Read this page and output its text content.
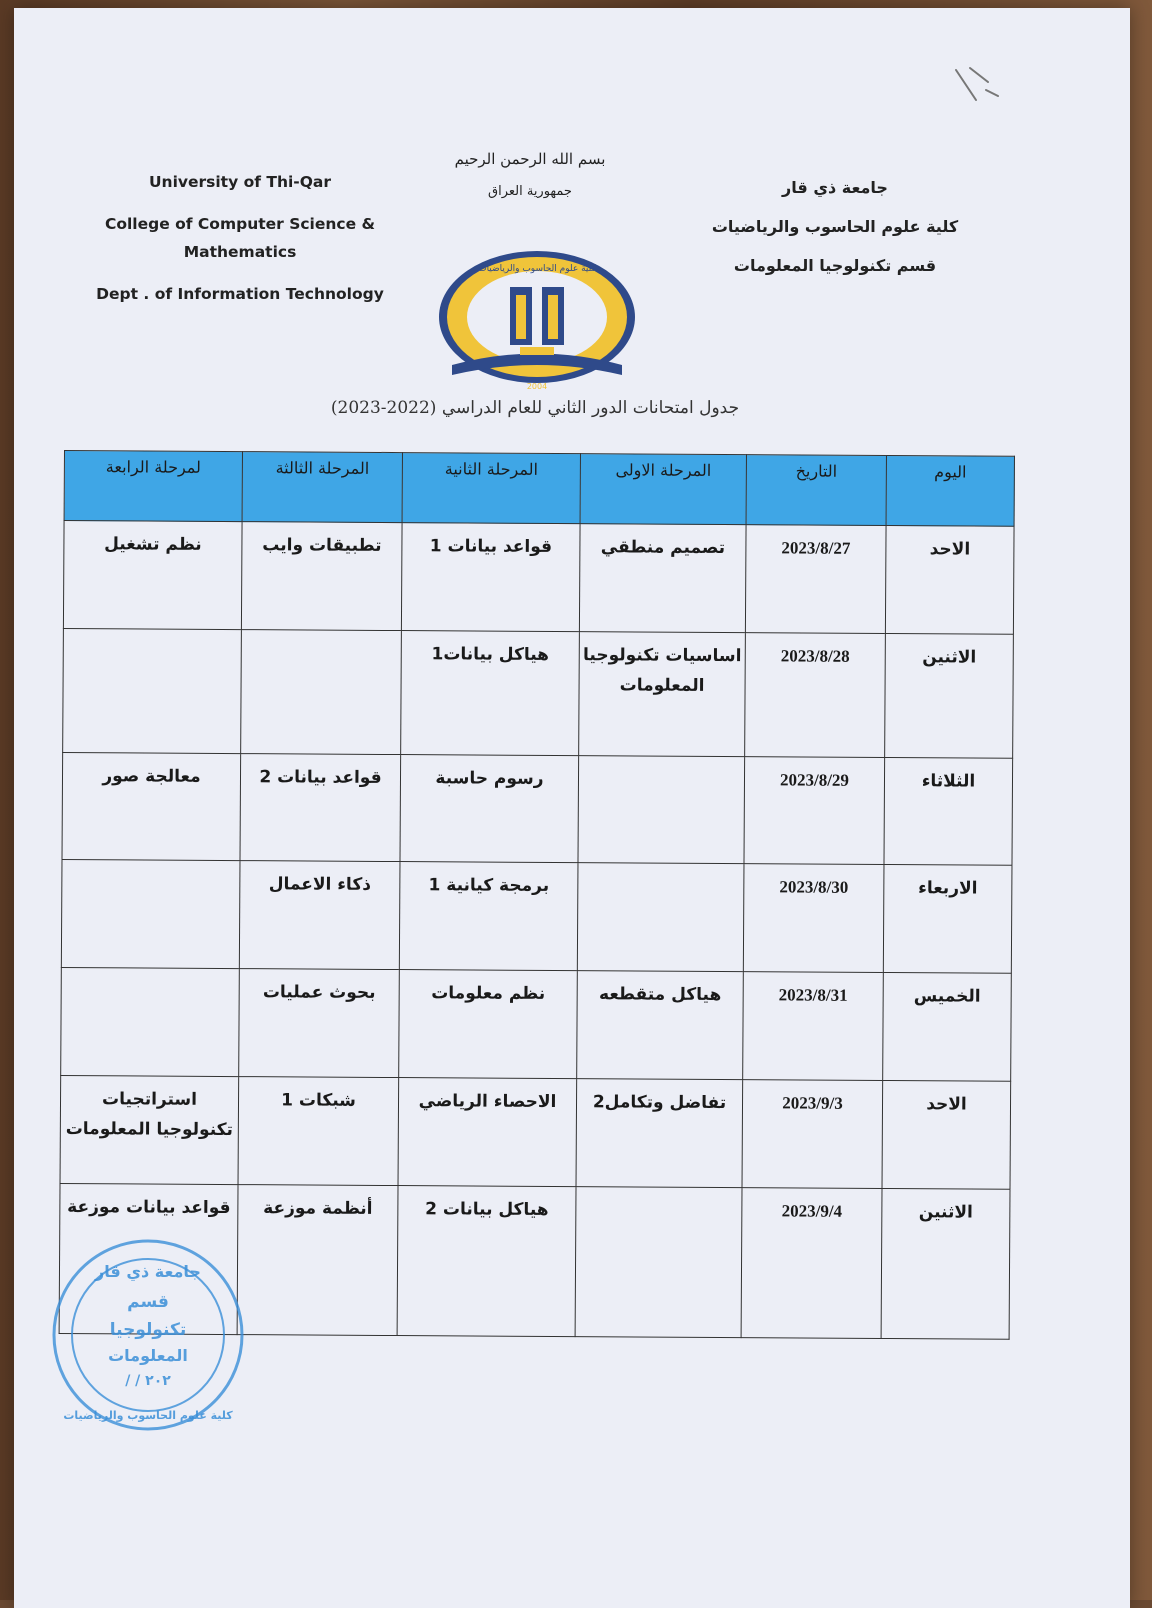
University of Thi-Qar
College of Computer Science & Mathematics
Dept . of Information Technology
بسم الله الرحمن الرحيم
جمهورية العراق	جامعة ذي قار
كلية علوم الحاسوب والرياضيات
قسم تكنولوجيا المعلومات
كلية علوم الحاسوب والرياضيات
2004
جدول امتحانات الدور الثاني للعام الدراسي (2022-2023)
اليوم	التاريخ	المرحلة الاولى	المرحلة الثانية	المرحلة الثالثة	لمرحلة الرابعة
الاحد	2023/8/27	تصميم منطقي	قواعد بيانات 1	تطبيقات وايب	نظم تشغيل
الاثنين	2023/8/28	اساسيات تكنولوجيا المعلومات	هياكل بيانات1		
الثلاثاء	2023/8/29		رسوم حاسبة	قواعد بيانات 2	معالجة صور
الاربعاء	2023/8/30		برمجة كيانية 1	ذكاء الاعمال	
الخميس	2023/8/31	هياكل متقطعه	نظم معلومات	بحوث عمليات	
الاحد	2023/9/3	تفاضل وتكامل2	الاحصاء الرياضي	شبكات 1	استراتجيات تكنولوجيا المعلومات
الاثنين	2023/9/4		هياكل بيانات 2	أنظمة موزعة	قواعد بيانات موزعة
جامعة ذي قار
قسم
تكنولوجيا
المعلومات
/ / ٢٠٢
كلية علوم الحاسوب والرياضيات
